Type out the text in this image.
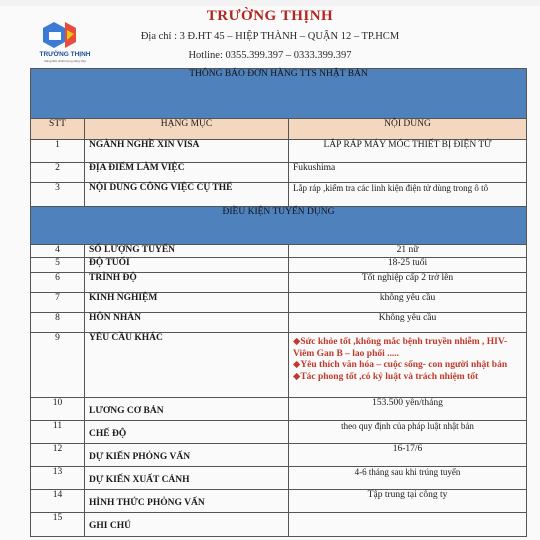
TRƯỜNG THỊNH
Nâng tầm chất lượng sống Việt
TRƯỜNG THỊNH
Địa chỉ : 3 Đ.HT 45 – HIỆP THÀNH – QUẬN 12 – TP.HCM
Hotline: 0355.399.397 – 0333.399.397
THÔNG BÁO ĐƠN HÀNG TTS NHẬT BẢN		
STT	HẠNG MỤC	NỘI DUNG
1	NGÀNH NGHỀ XIN VISA	LẮP RÁP MÁY MÓC THIẾT BỊ ĐIỆN TỬ
2	ĐỊA ĐIỂM LÀM VIỆC	Fukushima
3	NỘI DUNG CÔNG VIỆC CỤ THỂ	Lắp ráp ,kiểm tra các linh kiện điện tử dùng trong ô tô
ĐIỀU KIỆN TUYỂN DỤNG		
4	SỐ LƯỢNG TUYỂN	21 nữ
5	ĐỘ TUỔI	18-25 tuổi
6	TRÌNH ĐỘ	Tốt nghiệp cấp 2 trở lên
7	KINH NGHIỆM	không yêu cầu
8	HÔN NHÂN	Không yêu cầu
9	YÊU CẦU KHÁC	◆Sức khỏe tốt ,không mắc bệnh truyền nhiễm , HIV- Viêm Gan B – lao phổi .....
◆Yêu thích văn hóa – cuộc sống- con người nhật bản
◆Tác phong tốt ,có kỷ luật và trách nhiệm tốt

10	LƯƠNG CƠ BẢN	153.500 yên/tháng
11	CHẾ ĐỘ	theo quy định của pháp luật nhật bản
12	DỰ KIẾN PHỎNG VẤN	16-17/6
13	DỰ KIẾN XUẤT CẢNH	4-6 tháng sau khi trúng tuyển
14	HÌNH THỨC PHỎNG VẤN	Tập trung tại công ty
15	GHI CHÚ	
